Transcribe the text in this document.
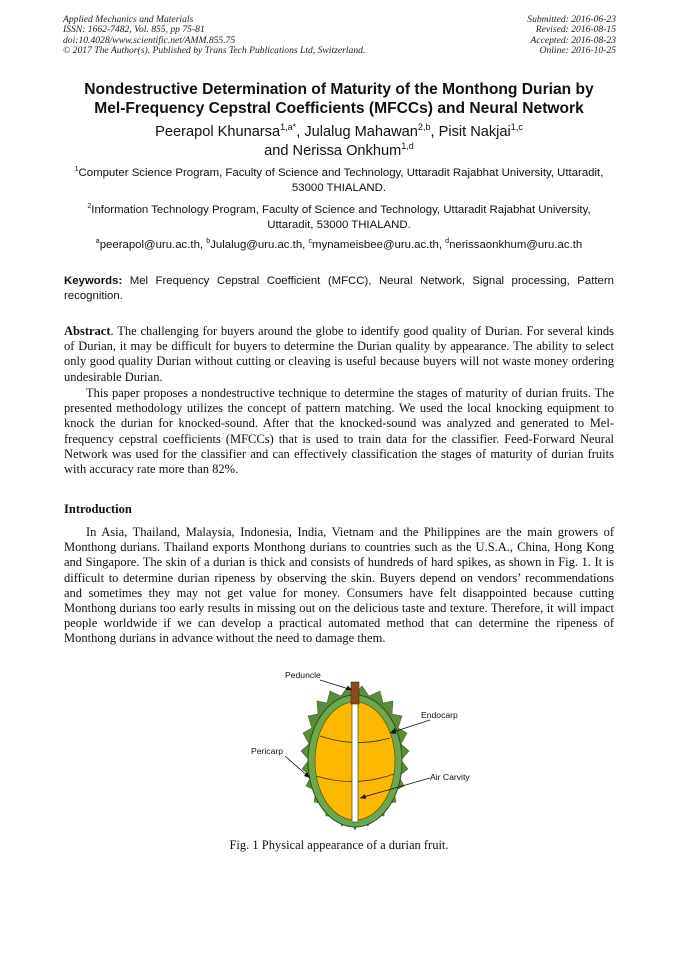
Applied Mechanics and Materials
ISSN: 1662-7482, Vol. 855, pp 75-81
doi:10.4028/www.scientific.net/AMM.855.75
© 2017 The Author(s). Published by Trans Tech Publications Ltd, Switzerland.
Submitted: 2016-06-23
Revised: 2016-08-15
Accepted: 2016-08-23
Online: 2016-10-25
Nondestructive Determination of Maturity of the Monthong Durian by
Mel-Frequency Cepstral Coefficients (MFCCs) and Neural Network
Peerapol Khunarsa$^{1,a*}$, Julalug Mahawan$^{2,b}$, Pisit Nakjai$^{1,c}$
and Nerissa Onkhum$^{1,d}$
$^1$Computer Science Program, Faculty of Science and Technology, Uttaradit Rajabhat University, Uttaradit, 53000 THIALAND.
$^2$Information Technology Program, Faculty of Science and Technology, Uttaradit Rajabhat University, Uttaradit, 53000 THIALAND.
$^a$peerapol@uru.ac.th, $^b$Julalug@uru.ac.th, $^c$mynameisbee@uru.ac.th, $^d$nerissaonkhum@uru.ac.th
Keywords: Mel Frequency Cepstral Coefficient (MFCC), Neural Network, Signal processing, Pattern recognition.

Abstract. The challenging for buyers around the globe to identify good quality of Durian. For several kinds of Durian, it may be difficult for buyers to determine the Durian quality by appearance. The ability to select only good quality Durian without cutting or cleaving is useful because buyers will not waste money ordering undesirable Durian.

This paper proposes a nondestructive technique to determine the stages of maturity of durian fruits. The presented methodology utilizes the concept of pattern matching. We used the local knocking equipment to knock the durian for knocked-sound. After that the knocked-sound was analyzed and generated to Mel-frequency cepstral coefficients (MFCCs) that is used to train data for the classifier. Feed-Forward Neural Network was used for the classifier and can effectively classification the stages of maturity of durian fruits with accuracy rate more than 82%.

Introduction

In Asia, Thailand, Malaysia, Indonesia, India, Vietnam and the Philippines are the main growers of Monthong durians. Thailand exports Monthong durians to countries such as the U.S.A., China, Hong Kong and Singapore. The skin of a durian is thick and consists of hundreds of hard spikes, as shown in Fig. 1. It is difficult to determine durian ripeness by observing the skin. Buyers depend on vendors’ recommendations and sometimes they may not get value for money. Consumers have felt disappointed because cutting Monthong durians too early results in missing out on the delicious taste and texture. Therefore, it will impact people worldwide if we can develop a practical automated method that can determine the ripeness of Monthong durians in advance without the need to damage them.

Peduncle
Endocarp
Pericarp
Air Carvity
Fig. 1 Physical appearance of a durian fruit.
